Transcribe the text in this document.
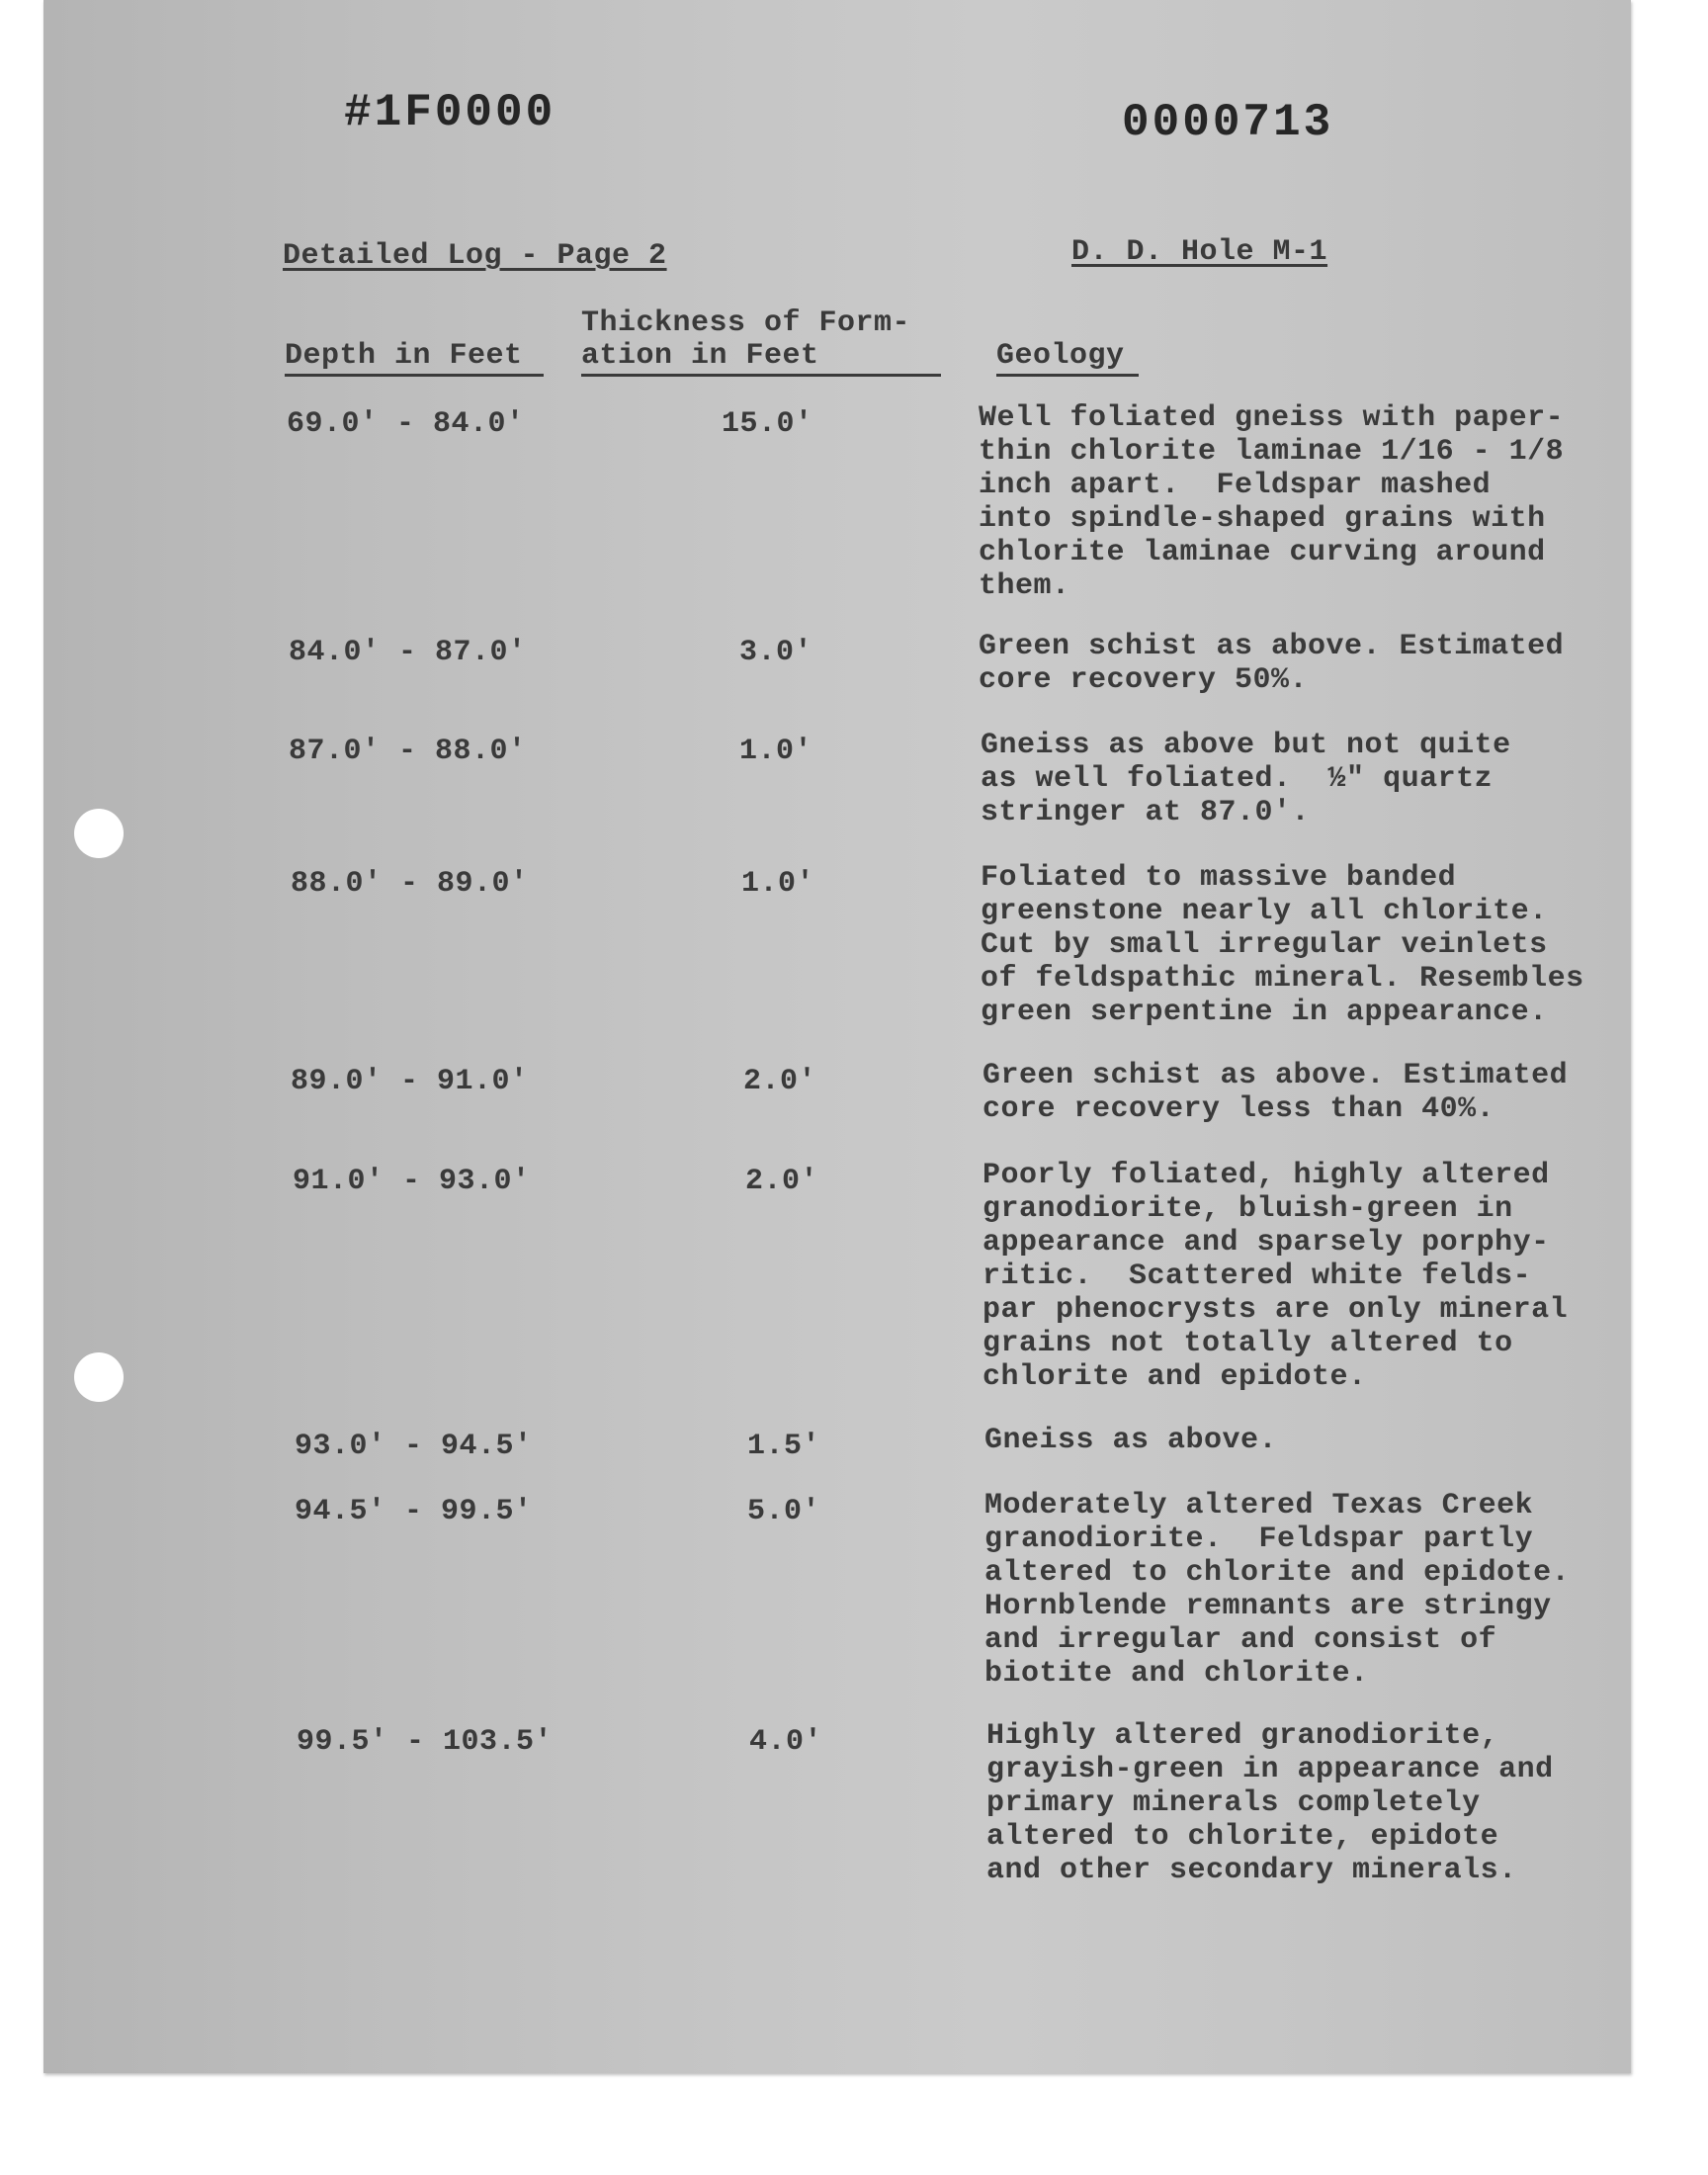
#1F0000	0000713
Detailed Log - Page 2	D. D. Hole M-1
Depth in Feet
Thickness of Form-
ation in Feet	Geology
69.0' - 84.0'	15.0'	Well foliated gneiss with paper-
thin chlorite laminae 1/16 - 1/8
inch apart.  Feldspar mashed
into spindle-shaped grains with
chlorite laminae curving around
them.
84.0' - 87.0'	3.0'	Green schist as above. Estimated
core recovery 50%.
87.0' - 88.0'	1.0'	Gneiss as above but not quite
as well foliated.  ½" quartz
stringer at 87.0'.
88.0' - 89.0'	1.0'	Foliated to massive banded
greenstone nearly all chlorite.
Cut by small irregular veinlets
of feldspathic mineral. Resembles
green serpentine in appearance.
89.0' - 91.0'	2.0'	Green schist as above. Estimated
core recovery less than 40%.
91.0' - 93.0'	2.0'	Poorly foliated, highly altered
granodiorite, bluish-green in
appearance and sparsely porphy-
ritic.  Scattered white felds-
par phenocrysts are only mineral
grains not totally altered to
chlorite and epidote.
93.0' - 94.5'	1.5'	Gneiss as above.
94.5' - 99.5'	5.0'	Moderately altered Texas Creek
granodiorite.  Feldspar partly
altered to chlorite and epidote.
Hornblende remnants are stringy
and irregular and consist of
biotite and chlorite.
99.5' - 103.5'	4.0'	Highly altered granodiorite,
grayish-green in appearance and
primary minerals completely
altered to chlorite, epidote
and other secondary minerals.
